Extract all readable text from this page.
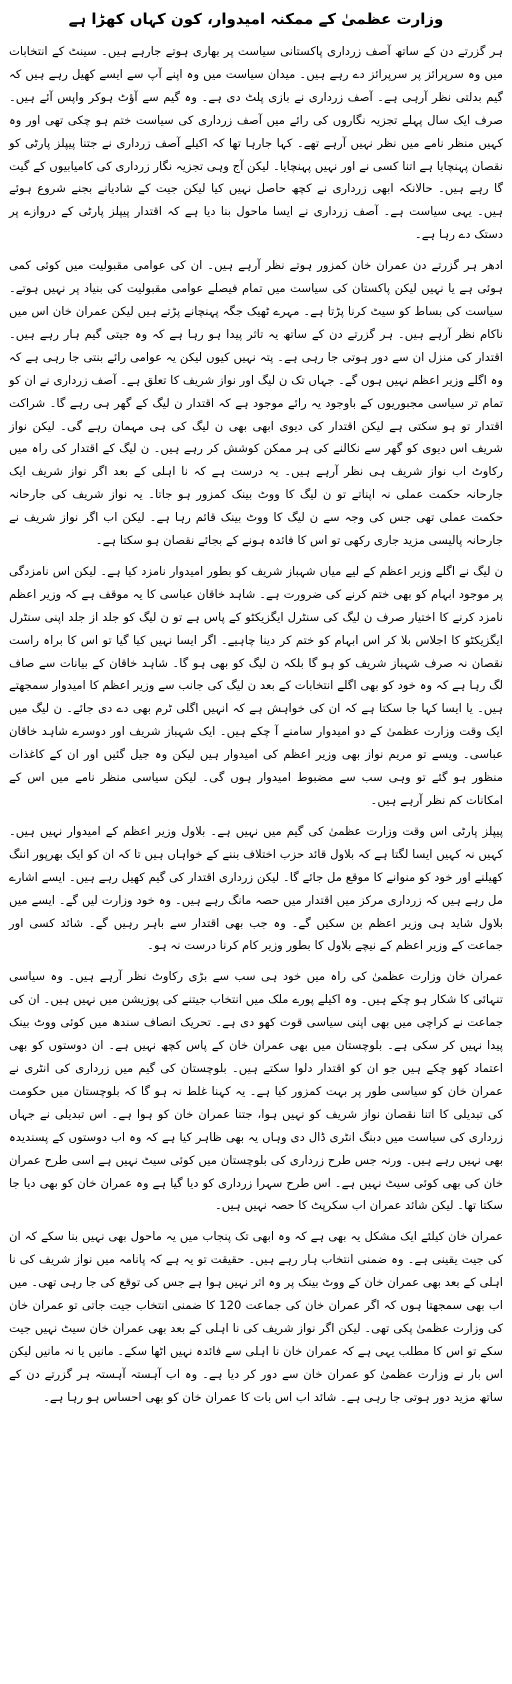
وزارت عظمیٰ کے ممکنہ امیدوار، کون کہاں کھڑا ہے

ہر گزرتے دن کے ساتھ آصف زرداری پاکستانی سیاست پر بھاری ہوتے جارہے ہیں۔ سینٹ کے انتخابات میں وہ سرپرائز پر سرپرائز دے رہے ہیں۔ میدان سیاست میں وہ اپنے آپ سے ایسے کھیل رہے ہیں کہ گیم بدلتی نظر آرہی ہے۔ آصف زرداری نے بازی پلٹ دی ہے۔ وہ گیم سے آؤٹ ہوکر واپس آئے ہیں۔ صرف ایک سال پہلے تجزیہ نگاروں کی رائے میں آصف زرداری کی سیاست ختم ہو چکی تھی اور وہ کہیں منظر نامے میں نظر نہیں آرہے تھے۔ کہا جارہا تھا کہ اکیلے آصف زرداری نے جتنا پیپلز پارٹی کو نقصان پہنچایا ہے اتنا کسی نے اور نہیں پہنچایا۔ لیکن آج وہی تجزیہ نگار زرداری کی کامیابیوں کے گیت گا رہے ہیں۔ حالانکہ ابھی زرداری نے کچھ حاصل نہیں کیا لیکن جیت کے شادیانے بجنے شروع ہوئے ہیں۔ یہی سیاست ہے۔ آصف زرداری نے ایسا ماحول بنا دیا ہے کہ اقتدار پیپلز پارٹی کے دروازے پر دستک دے رہا ہے۔

ادھر ہر گزرتے دن عمران خان کمزور ہوتے نظر آرہے ہیں۔ ان کی عوامی مقبولیت میں کوئی کمی ہوئی ہے یا نہیں لیکن پاکستان کی سیاست میں تمام فیصلے عوامی مقبولیت کی بنیاد پر نہیں ہوتے۔ سیاست کی بساط کو سیٹ کرنا پڑتا ہے۔ مہرے ٹھیک جگہ پہنچانے پڑتے ہیں لیکن عمران خان اس میں ناکام نظر آرہے ہیں۔ ہر گزرتے دن کے ساتھ یہ تاثر پیدا ہو رہا ہے کہ وہ جیتی گیم ہار رہے ہیں۔ اقتدار کی منزل ان سے دور ہوتی جا رہی ہے۔ پتہ نہیں کیوں لیکن یہ عوامی رائے بنتی جا رہی ہے کہ وہ اگلے وزیر اعظم نہیں ہوں گے۔ جہاں تک ن لیگ اور نواز شریف کا تعلق ہے۔ آصف زرداری نے ان کو تمام تر سیاسی مجبوریوں کے باوجود یہ رائے موجود ہے کہ اقتدار ن لیگ کے گھر ہی رہے گا۔ شراکت اقتدار تو ہو سکتی ہے لیکن اقتدار کی دیوی ابھی بھی ن لیگ کی ہی مہمان رہے گی۔ لیکن نواز شریف اس دیوی کو گھر سے نکالنے کی ہر ممکن کوشش کر رہے ہیں۔ ن لیگ کے اقتدار کی راہ میں رکاوٹ اب نواز شریف ہی نظر آرہے ہیں۔ یہ درست ہے کہ نا اہلی کے بعد اگر نواز شریف ایک جارحانہ حکمت عملی نہ اپناتے تو ن لیگ کا ووٹ بینک کمزور ہو جاتا۔ یہ نواز شریف کی جارحانہ حکمت عملی تھی جس کی وجہ سے ن لیگ کا ووٹ بینک قائم رہا ہے۔ لیکن اب اگر نواز شریف نے جارحانہ پالیسی مزید جاری رکھی تو اس کا فائدہ ہونے کے بجائے نقصان ہو سکتا ہے۔

ن لیگ نے اگلے وزیر اعظم کے لیے میاں شہباز شریف کو بطور امیدوار نامزد کیا ہے۔ لیکن اس نامزدگی پر موجود ابہام کو بھی ختم کرنے کی ضرورت ہے۔ شاہد خاقان عباسی کا یہ موقف ہے کہ وزیر اعظم نامزد کرنے کا اختیار صرف ن لیگ کی سنٹرل ایگزیکٹو کے پاس ہے تو ن لیگ کو جلد از جلد اپنی سنٹرل ایگزیکٹو کا اجلاس بلا کر اس ابہام کو ختم کر دینا چاہیے۔ اگر ایسا نہیں کیا گیا تو اس کا براہ راست نقصان نہ صرف شہباز شریف کو ہو گا بلکہ ن لیگ کو بھی ہو گا۔ شاہد خاقان کے بیانات سے صاف لگ رہا ہے کہ وہ خود کو بھی اگلے انتخابات کے بعد ن لیگ کی جانب سے وزیر اعظم کا امیدوار سمجھتے ہیں۔ یا ایسا کہا جا سکتا ہے کہ ان کی خواہش ہے کہ انہیں اگلی ٹرم بھی دے دی جائے۔ ن لیگ میں ایک وقت وزارت عظمیٰ کے دو امیدوار سامنے آ چکے ہیں۔ ایک شہباز شریف اور دوسرے شاہد خاقان عباسی۔ ویسے تو مریم نواز بھی وزیر اعظم کی امیدوار ہیں لیکن وہ جیل گئیں اور ان کے کاغذات منظور ہو گئے تو وہی سب سے مضبوط امیدوار ہوں گی۔ لیکن سیاسی منظر نامے میں اس کے امکانات کم نظر آرہے ہیں۔

پیپلز پارٹی اس وقت وزارت عظمیٰ کی گیم میں نہیں ہے۔ بلاول وزیر اعظم کے امیدوار نہیں ہیں۔ کہیں نہ کہیں ایسا لگتا ہے کہ بلاول قائد حزب اختلاف بننے کے خواہاں ہیں تا کہ ان کو ایک بھرپور اننگ کھیلنے اور خود کو منوانے کا موقع مل جائے گا۔ لیکن زرداری اقتدار کی گیم کھیل رہے ہیں۔ ایسے اشارے مل رہے ہیں کہ زرداری مرکز میں اقتدار میں حصہ مانگ رہے ہیں۔ وہ خود وزارت لیں گے۔ ایسے میں بلاول شاید ہی وزیر اعظم بن سکیں گے۔ وہ جب بھی اقتدار سے باہر رہیں گے۔ شائد کسی اور جماعت کے وزیر اعظم کے نیچے بلاول کا بطور وزیر کام کرنا درست نہ ہو۔

عمران خان وزارت عظمیٰ کی راہ میں خود ہی سب سے بڑی رکاوٹ نظر آرہے ہیں۔ وہ سیاسی تنہائی کا شکار ہو چکے ہیں۔ وہ اکیلے پورے ملک میں انتخاب جیتنے کی پوزیشن میں نہیں ہیں۔ ان کی جماعت نے کراچی میں بھی اپنی سیاسی قوت کھو دی ہے۔ تحریک انصاف سندھ میں کوئی ووٹ بینک پیدا نہیں کر سکی ہے۔ بلوچستان میں بھی عمران خان کے پاس کچھ نہیں ہے۔ ان دوستوں کو بھی اعتماد کھو چکے ہیں جو ان کو اقتدار دلوا سکتے ہیں۔ بلوچستان کی گیم میں زرداری کی انٹری نے عمران خان کو سیاسی طور پر بہت کمزور کیا ہے۔ یہ کہنا غلط نہ ہو گا کہ بلوچستان میں حکومت کی تبدیلی کا اتنا نقصان نواز شریف کو نہیں ہوا، جتنا عمران خان کو ہوا ہے۔ اس تبدیلی نے جہاں زرداری کی سیاست میں دبنگ انٹری ڈال دی وہاں یہ بھی ظاہر کیا ہے کہ وہ اب دوستوں کے پسندیدہ بھی نہیں رہے ہیں۔ ورنہ جس طرح زرداری کی بلوچستان میں کوئی سیٹ نہیں ہے اسی طرح عمران خان کی بھی کوئی سیٹ نہیں ہے۔ اس طرح سہرا زرداری کو دیا گیا ہے وہ عمران خان کو بھی دیا جا سکتا تھا۔ لیکن شائد عمران اب سکرپٹ کا حصہ نہیں ہیں۔

عمران خان کیلئے ایک مشکل یہ بھی ہے کہ وہ ابھی تک پنجاب میں یہ ماحول بھی نہیں بنا سکے کہ ان کی جیت یقینی ہے۔ وہ ضمنی انتخاب ہار رہے ہیں۔ حقیقت تو یہ ہے کہ پانامہ میں نواز شریف کی نا اہلی کے بعد بھی عمران خان کے ووٹ بینک پر وہ اثر نہیں ہوا ہے جس کی توقع کی جا رہی تھی۔ میں اب بھی سمجھتا ہوں کہ اگر عمران خان کی جماعت 120 کا ضمنی انتخاب جیت جاتی تو عمران خان کی وزارت عظمیٰ پکی تھی۔ لیکن اگر نواز شریف کی نا اہلی کے بعد بھی عمران خان سیٹ نہیں جیت سکے تو اس کا مطلب یہی ہے کہ عمران خان نا اہلی سے فائدہ نہیں اٹھا سکے۔ مانیں یا نہ مانیں لیکن اس بار نے وزارت عظمیٰ کو عمران خان سے دور کر دیا ہے۔ وہ اب آہستہ آہستہ ہر گزرتے دن کے ساتھ مزید دور ہوتی جا رہی ہے۔ شائد اب اس بات کا عمران خان کو بھی احساس ہو رہا ہے۔
